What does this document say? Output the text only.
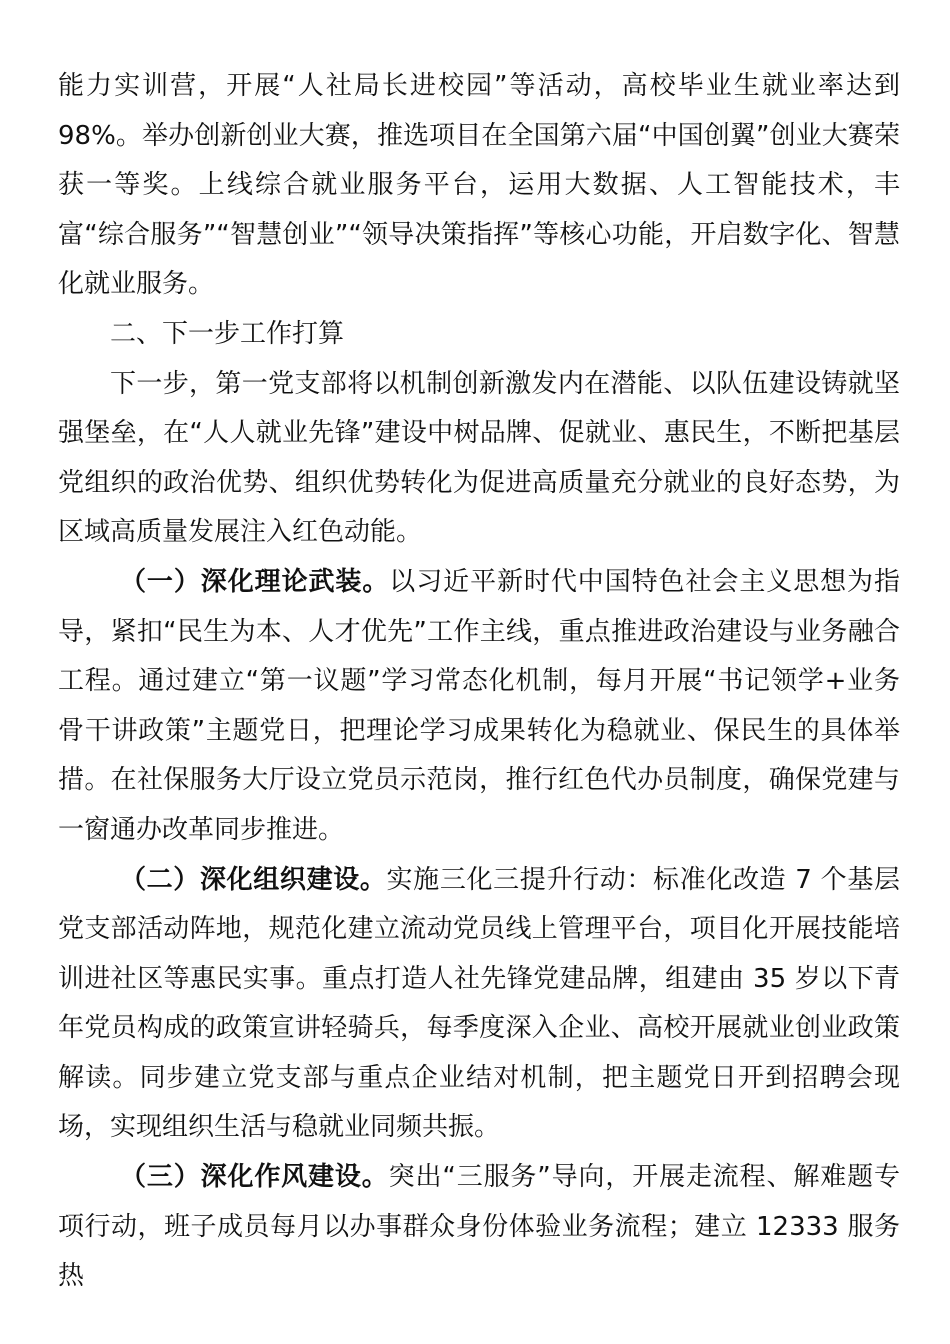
能力实训营，开展“人社局长进校园”等活动，高校毕业生就业率达到98%。举办创新创业大赛，推选项目在全国第六届“中国创翼”创业大赛荣获一等奖。上线综合就业服务平台，运用大数据、人工智能技术，丰富“综合服务”“智慧创业”“领导决策指挥”等核心功能，开启数字化、智慧化就业服务。

二、下一步工作打算

下一步，第一党支部将以机制创新激发内在潜能、以队伍建设铸就坚强堡垒，在“人人就业先锋”建设中树品牌、促就业、惠民生，不断把基层党组织的政治优势、组织优势转化为促进高质量充分就业的良好态势，为区域高质量发展注入红色动能。

（一）深化理论武装。以习近平新时代中国特色社会主义思想为指导，紧扣“民生为本、人才优先”工作主线，重点推进政治建设与业务融合工程。通过建立“第一议题”学习常态化机制，每月开展“书记领学+业务骨干讲政策”主题党日，把理论学习成果转化为稳就业、保民生的具体举措。在社保服务大厅设立党员示范岗，推行红色代办员制度，确保党建与一窗通办改革同步推进。

（二）深化组织建设。实施三化三提升行动：标准化改造 7 个基层党支部活动阵地，规范化建立流动党员线上管理平台，项目化开展技能培训进社区等惠民实事。重点打造人社先锋党建品牌，组建由 35 岁以下青年党员构成的政策宣讲轻骑兵，每季度深入企业、高校开展就业创业政策解读。同步建立党支部与重点企业结对机制，把主题党日开到招聘会现场，实现组织生活与稳就业同频共振。

（三）深化作风建设。突出“三服务”导向，开展走流程、解难题专项行动，班子成员每月以办事群众身份体验业务流程；建立 12333 服务热
